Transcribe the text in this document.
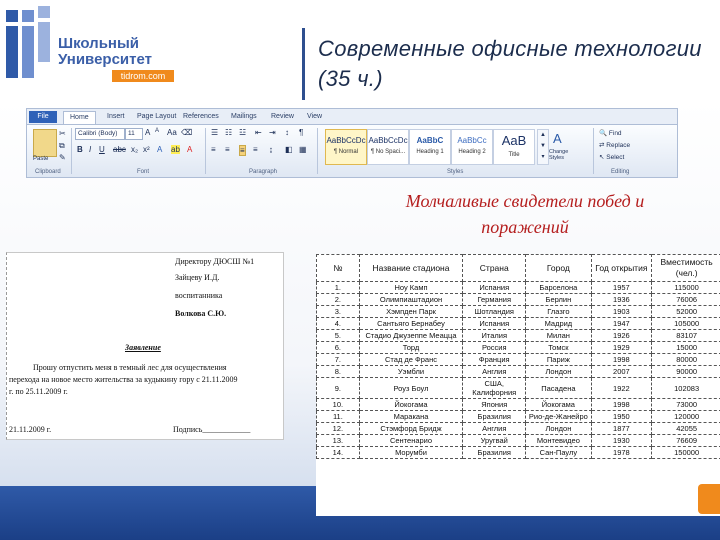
Школьный
Университет
tidrom.com
Современные офисные технологии (35 ч.)
File	Home	Insert Page Layout References Mailings Review View
Paste
✂
⧉
✎
Clipboard
Calibri (Body)	11	A A Aa ⌫
B I U abc x₂ x² A ab A
Font
☰ ☷ ☳ ⇤ ⇥ ↕ ¶
≡ ≡ ≡ ≡ ↨ ◧ ▦
Paragraph
AaBbCcDc
¶ Normal
AaBbCcDc
¶ No Spaci...
AaBbC
Heading 1
AaBbCc
Heading 2
AaB
Title
▲
▼
▾
A
Change Styles
Styles
🔍 Find
⇄ Replace
↖ Select
Editing
Молчаливые свидетели побед и
поражений
Директору ДЮСШ №1
Зайцеву И.Д.
воспитанника
Волкова С.Ю.
Заявление
Прошу отпустить меня в темный лес для осуществления
перехода на новое место жительства за кудыкину гору с 21.11.2009
г. по 25.11.2009 г.
21.11.2009 г.	Подпись____________
№	Название стадиона	Страна	Город	Год открытия	Вместимость (чел.)
1.	Ноу Камп	Испания	Барселона	1957	115000
2.	Олимпиаштадион	Германия	Берлин	1936	76006
3.	Хэмпден Парк	Шотландия	Глазго	1903	52000
4.	Сантьяго Бернабеу	Испания	Мадрид	1947	105000
5.	Стадио Джузеппе Меацца	Италия	Милан	1926	83107
6.	Торд	Россия	Томск	1929	15000
7.	Стад де Франс	Франция	Париж	1998	80000
8.	Уэмбли	Англия	Лондон	2007	90000
9.	Роуз Боул	США, Калифорния	Пасадена	1922	102083
10.	Йокогама	Япония	Йокогама	1998	73000
11.	Маракана	Бразилия	Рио-де-Жанейро	1950	120000
12.	Стэмфорд Бридж	Англия	Лондон	1877	42055
13.	Сентенарио	Уругвай	Монтевидео	1930	76609
14.	Морумби	Бразилия	Сан-Паулу	1978	150000
